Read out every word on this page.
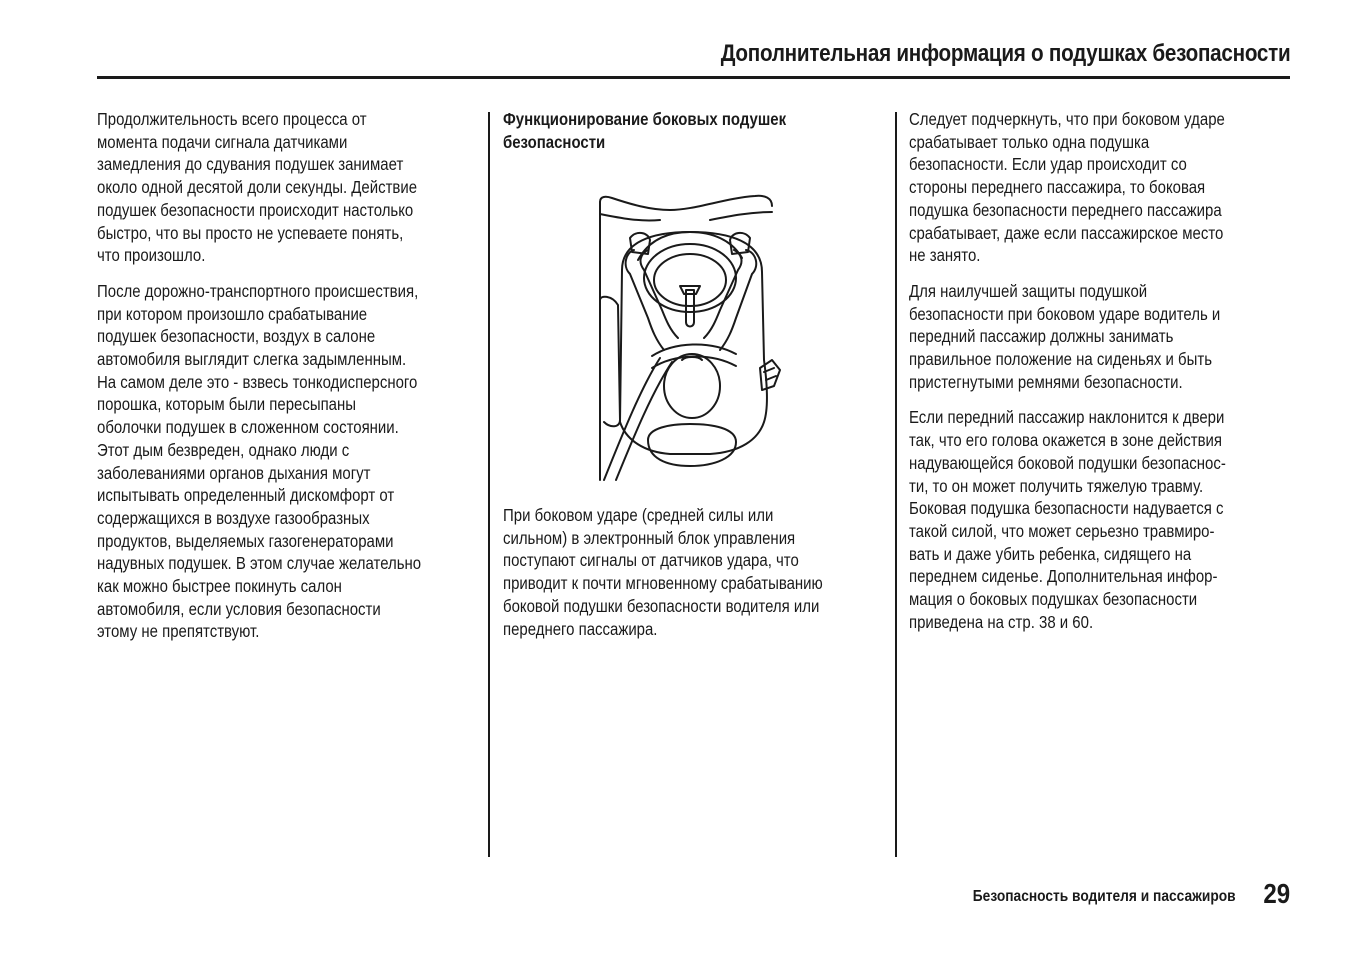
Дополнительная информация о подушках безопасности

Продолжительность всего процесса от
момента подачи сигнала датчиками
замедления до сдувания подушек занимает
около одной десятой доли секунды. Действие
подушек безопасности происходит настолько
быстро, что вы просто не успеваете понять,
что произошло.

После дорожно-транспортного происшествия,
при котором произошло срабатывание
подушек безопасности, воздух в салоне
автомобиля выглядит слегка задымленным.
На самом деле это - взвесь тонкодисперсного
порошка, которым были пересыпаны
оболочки подушек в сложенном состоянии.
Этот дым безвреден, однако люди с
заболеваниями органов дыхания могут
испытывать определенный дискомфорт от
содержащихся в воздухе газообразных
продуктов, выделяемых газогенераторами
надувных подушек. В этом случае желательно
как можно быстрее покинуть салон
автомобиля, если условия безопасности
этому не препятствуют.

Функционирование боковых подушек
безопасности

При боковом ударе (средней силы или
сильном) в электронный блок управления
поступают сигналы от датчиков удара, что
приводит к почти мгновенному срабатыванию
боковой подушки безопасности водителя или
переднего пассажира.

Следует подчеркнуть, что при боковом ударе
срабатывает только одна подушка
безопасности. Если удар происходит со
стороны переднего пассажира, то боковая
подушка безопасности переднего пассажира
срабатывает, даже если пассажирское место
не занято.

Для наилучшей защиты подушкой
безопасности при боковом ударе водитель и
передний пассажир должны занимать
правильное положение на сиденьях и быть
пристегнутыми ремнями безопасности.

Если передний пассажир наклонится к двери
так, что его голова окажется в зоне действия
надувающейся боковой подушки безопаснос-
ти, то он может получить тяжелую травму.
Боковая подушка безопасности надувается с
такой силой, что может серьезно травмиро-
вать и даже убить ребенка, сидящего на
переднем сиденье. Дополнительная инфор-
мация о боковых подушках безопасности
приведена на стр. 38 и 60.

Безопасность водителя и пассажиров 29
